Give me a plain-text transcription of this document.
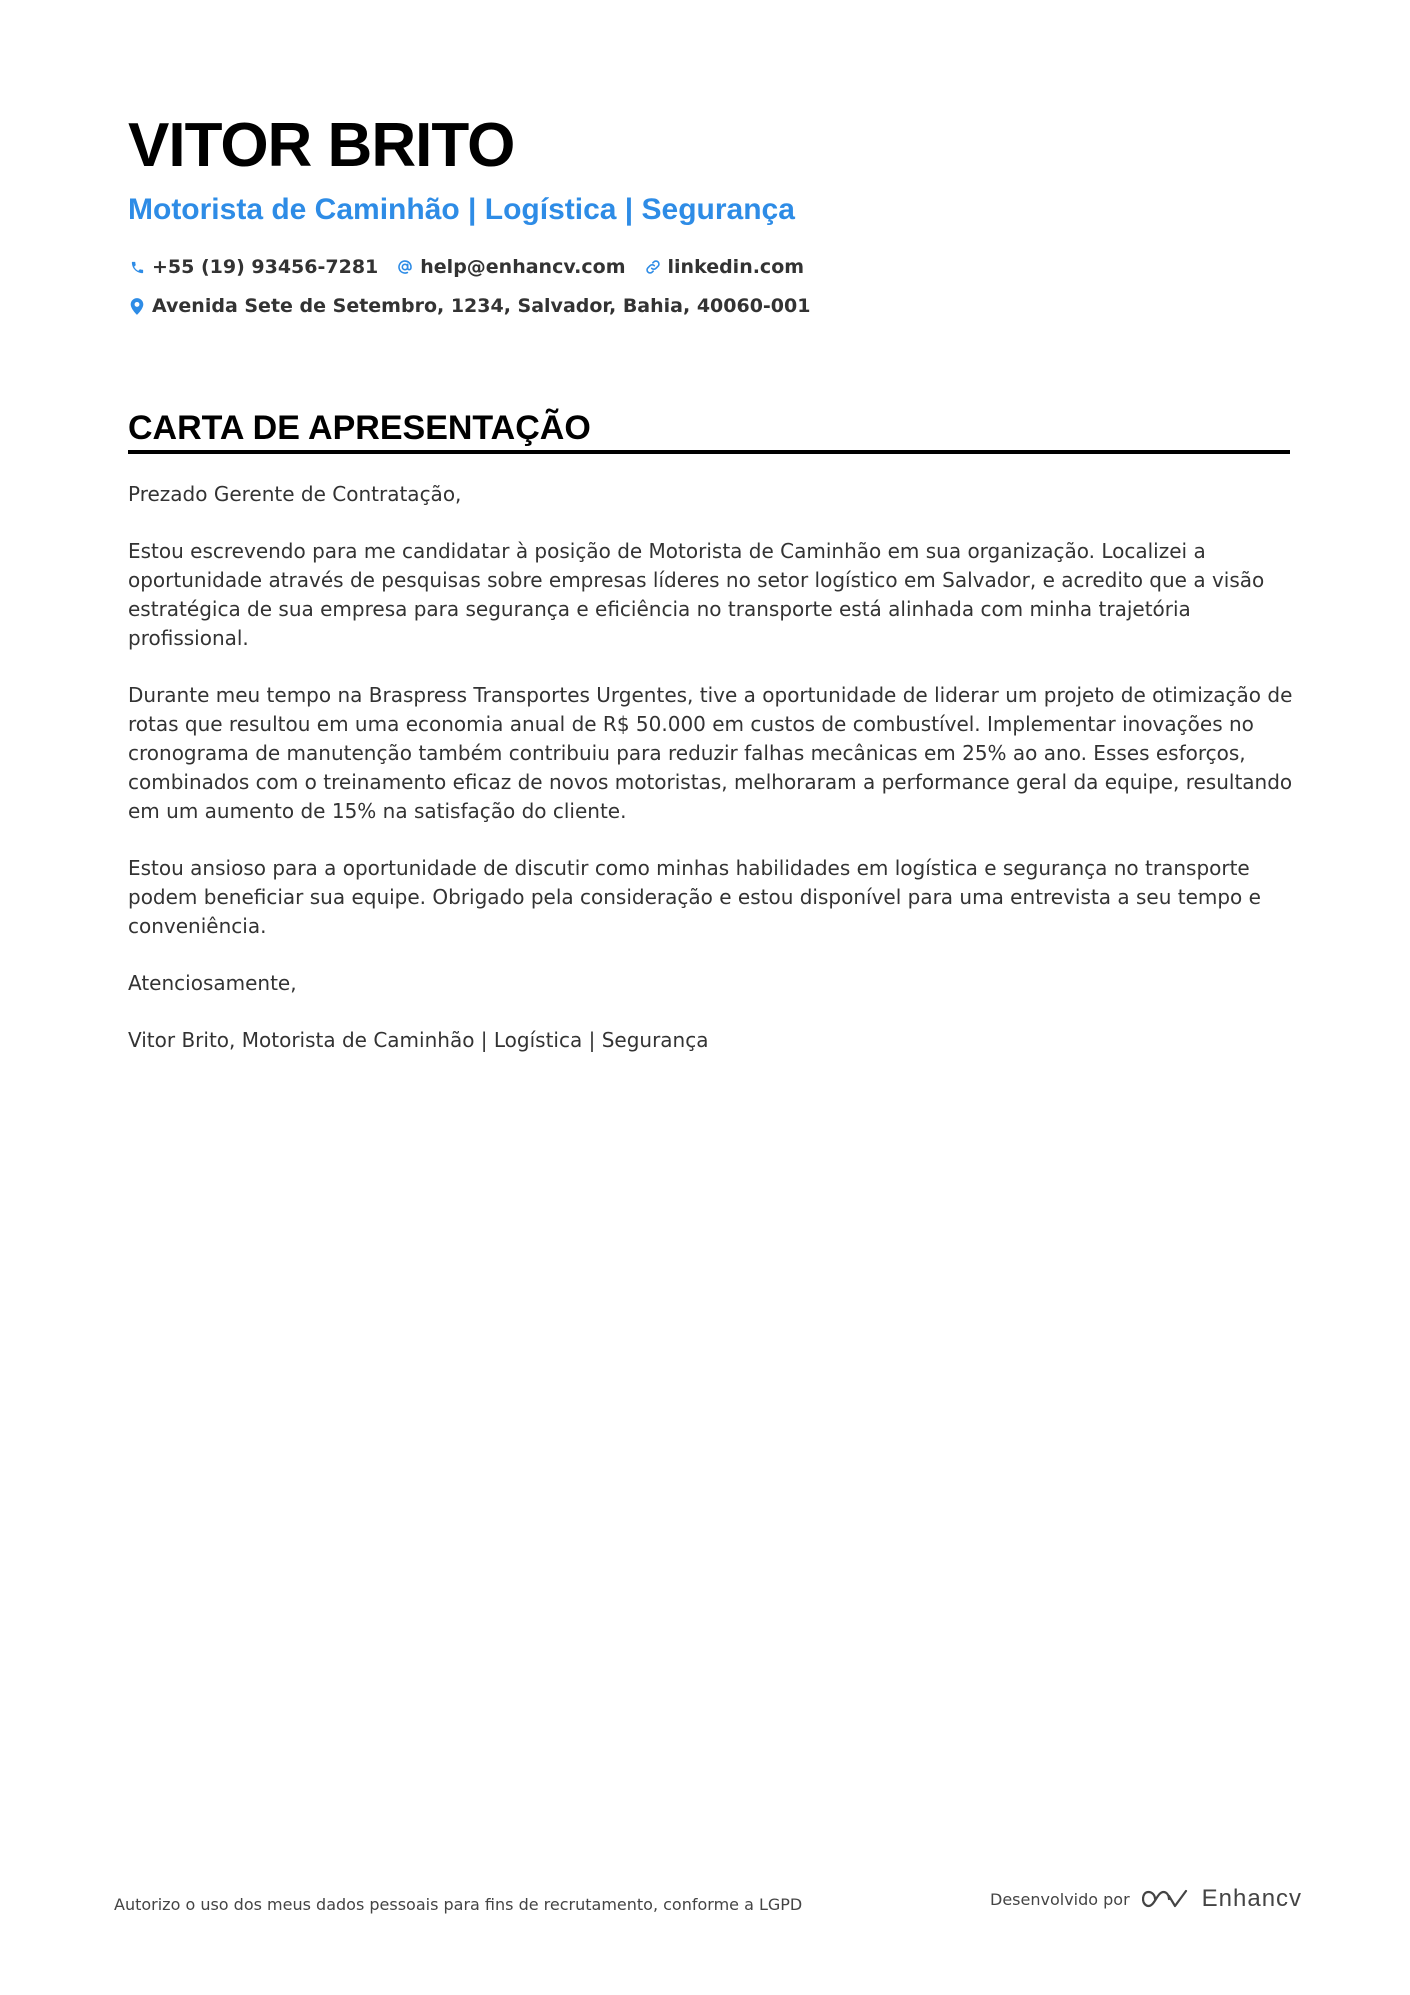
VITOR BRITO
Motorista de Caminhão | Logística | Segurança
+55 (19) 93456-7281 help@enhancv.com linkedin.com
Avenida Sete de Setembro, 1234, Salvador, Bahia, 40060-001
CARTA DE APRESENTAÇÃO

Prezado Gerente de Contratação,

Estou escrevendo para me candidatar à posição de Motorista de Caminhão em sua organização. Localizei a oportunidade através de pesquisas sobre empresas líderes no setor logístico em Salvador, e acredito que a visão estratégica de sua empresa para segurança e eficiência no transporte está alinhada com minha trajetória profissional.

Durante meu tempo na Braspress Transportes Urgentes, tive a oportunidade de liderar um projeto de otimização de rotas que resultou em uma economia anual de R$ 50.000 em custos de combustível. Implementar inovações no cronograma de manutenção também contribuiu para reduzir falhas mecânicas em 25% ao ano. Esses esforços, combinados com o treinamento eficaz de novos motoristas, melhoraram a performance geral da equipe, resultando em um aumento de 15% na satisfação do cliente.

Estou ansioso para a oportunidade de discutir como minhas habilidades em logística e segurança no transporte podem beneficiar sua equipe. Obrigado pela consideração e estou disponível para uma entrevista a seu tempo e conveniência.

Atenciosamente,

Vitor Brito, Motorista de Caminhão | Logística | Segurança

Autorizo o uso dos meus dados pessoais para fins de recrutamento, conforme a LGPD	Desenvolvido por	Enhancv
